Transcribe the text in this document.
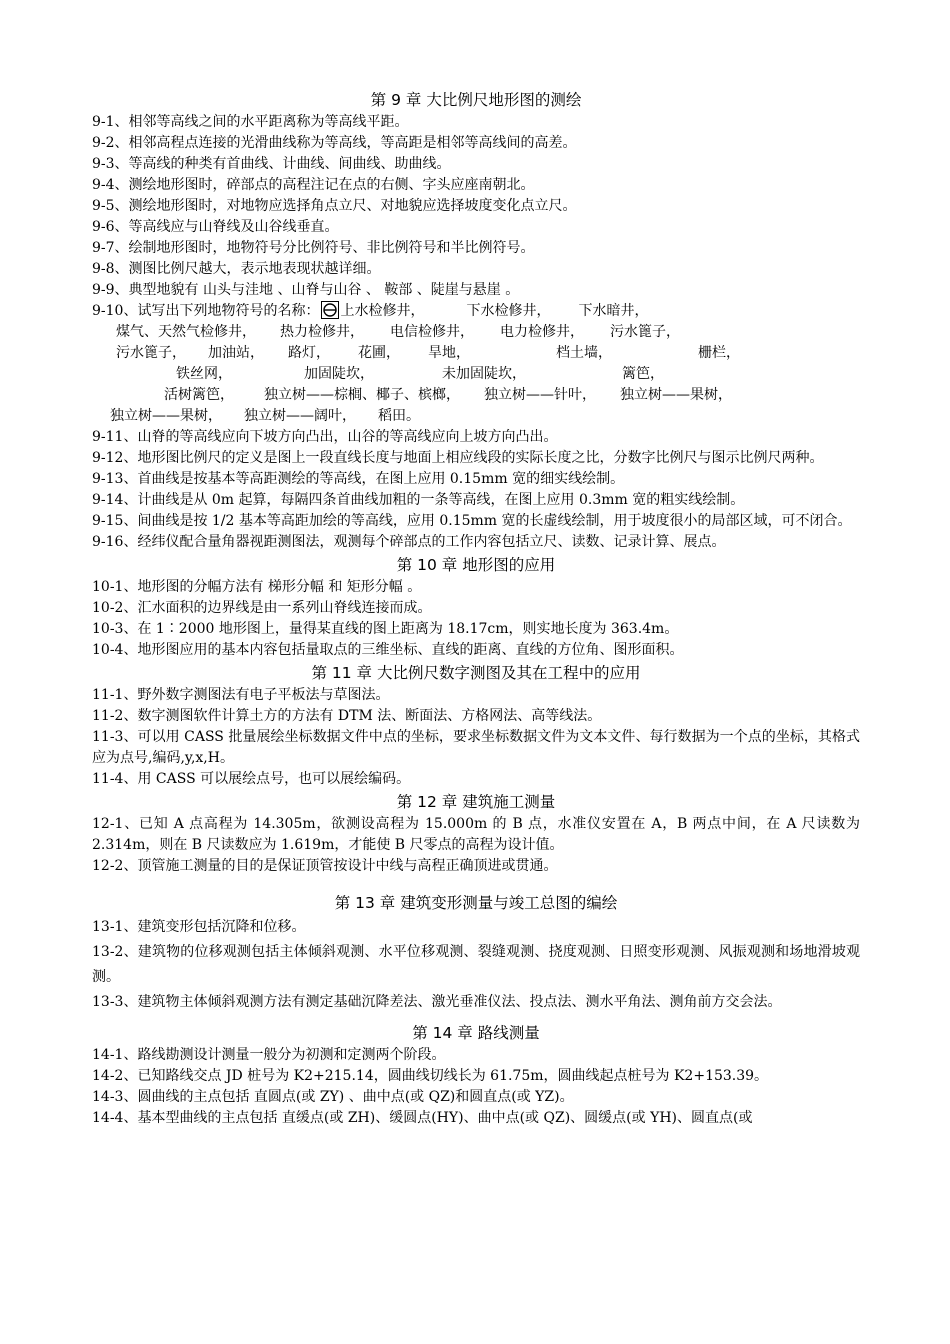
第 9 章 大比例尺地形图的测绘
9-1、相邻等高线之间的水平距离称为等高线平距。
9-2、相邻高程点连接的光滑曲线称为等高线，等高距是相邻等高线间的高差。
9-3、等高线的种类有首曲线、计曲线、间曲线、助曲线。
9-4、测绘地形图时，碎部点的高程注记在点的右侧、字头应座南朝北。
9-5、测绘地形图时，对地物应选择角点立尺、对地貌应选择坡度变化点立尺。
9-6、等高线应与山脊线及山谷线垂直。
9-7、绘制地形图时，地物符号分比例符号、非比例符号和半比例符号。
9-8、测图比例尺越大，表示地表现状越详细。
9-9、典型地貌有 山头与洼地 、山脊与山谷 、 鞍部 、陡崖与悬崖 。
9-10、试写出下列地物符号的名称： 上水检修井，	下水检修井， 下水暗井，
煤气、天然气检修井， 热力检修井， 电信检修井， 电力检修井， 污水篦子，
污水篦子， 加油站， 路灯， 花圃， 旱地，	档土墙，	栅栏，
铁丝网，	加固陡坎，	未加固陡坎，	篱笆，
活树篱笆， 独立树——棕榈、椰子、槟榔， 独立树——针叶， 独立树——果树，
独立树——果树， 独立树——阔叶， 稻田。
9-11、山脊的等高线应向下坡方向凸出，山谷的等高线应向上坡方向凸出。
9-12、地形图比例尺的定义是图上一段直线长度与地面上相应线段的实际长度之比，分数字比例尺与图示比例尺两种。
9-13、首曲线是按基本等高距测绘的等高线，在图上应用 0.15mm 宽的细实线绘制。
9-14、计曲线是从 0m 起算，每隔四条首曲线加粗的一条等高线，在图上应用 0.3mm 宽的粗实线绘制。
9-15、间曲线是按 1/2 基本等高距加绘的等高线，应用 0.15mm 宽的长虚线绘制，用于坡度很小的局部区域，可不闭合。
9-16、经纬仪配合量角器视距测图法，观测每个碎部点的工作内容包括立尺、读数、记录计算、展点。
第 10 章 地形图的应用
10-1、地形图的分幅方法有 梯形分幅 和 矩形分幅 。
10-2、汇水面积的边界线是由一系列山脊线连接而成。
10-3、在 1∶2000 地形图上，量得某直线的图上距离为 18.17cm，则实地长度为 363.4m。
10-4、地形图应用的基本内容包括量取点的三维坐标、直线的距离、直线的方位角、图形面积。
第 11 章 大比例尺数字测图及其在工程中的应用
11-1、野外数字测图法有电子平板法与草图法。
11-2、数字测图软件计算土方的方法有 DTM 法、断面法、方格网法、高等线法。
11-3、可以用 CASS 批量展绘坐标数据文件中点的坐标，要求坐标数据文件为文本文件、每行数据为一个点的坐标，其格式应为点号,编码,y,x,H。
11-4、用 CASS 可以展绘点号，也可以展绘编码。
第 12 章 建筑施工测量
12-1、已知 A 点高程为 14.305m，欲测设高程为 15.000m 的 B 点，水准仪安置在 A，B 两点中间，在 A 尺读数为 2.314m，则在 B 尺读数应为 1.619m，才能使 B 尺零点的高程为设计值。
12-2、顶管施工测量的目的是保证顶管按设计中线与高程正确顶进或贯通。
第 13 章 建筑变形测量与竣工总图的编绘
13-1、建筑变形包括沉降和位移。
13-2、建筑物的位移观测包括主体倾斜观测、水平位移观测、裂缝观测、挠度观测、日照变形观测、风振观测和场地滑坡观测。
13-3、建筑物主体倾斜观测方法有测定基础沉降差法、激光垂准仪法、投点法、测水平角法、测角前方交会法。
第 14 章 路线测量
14-1、路线勘测设计测量一般分为初测和定测两个阶段。
14-2、已知路线交点 JD 桩号为 K2+215.14，圆曲线切线长为 61.75m，圆曲线起点桩号为 K2+153.39。
14-3、圆曲线的主点包括 直圆点(或 ZY) 、曲中点(或 QZ)和圆直点(或 YZ)。
14-4、基本型曲线的主点包括 直缓点(或 ZH)、缓圆点(HY)、曲中点(或 QZ)、圆缓点(或 YH)、圆直点(或
